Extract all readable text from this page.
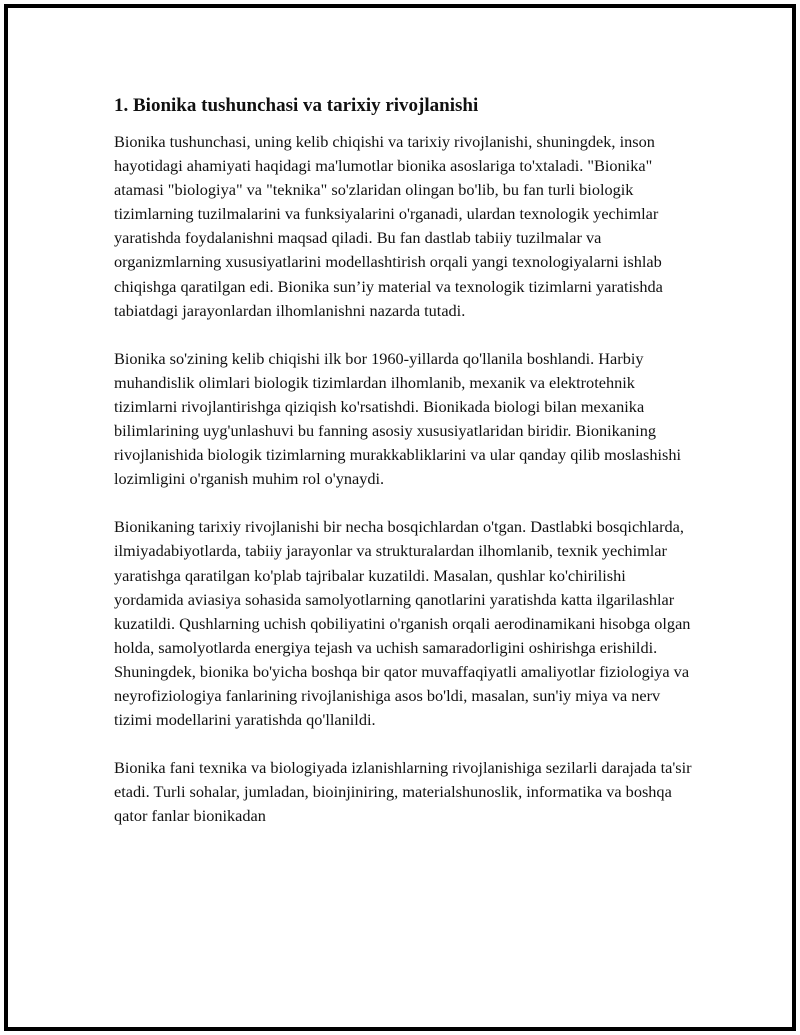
1. Bionika tushunchasi va tarixiy rivojlanishi

Bionika tushunchasi, uning kelib chiqishi va tarixiy rivojlanishi, shuningdek, inson hayotidagi ahamiyati haqidagi ma'lumotlar bionika asoslariga to'xtaladi. "Bionika" atamasi "biologiya" va "teknika" so'zlaridan olingan bo'lib, bu fan turli biologik tizimlarning tuzilmalarini va funksiyalarini o'rganadi, ulardan texnologik yechimlar yaratishda foydalanishni maqsad qiladi. Bu fan dastlab tabiiy tuzilmalar va organizmlarning xususiyatlarini modellashtirish orqali yangi texnologiyalarni ishlab chiqishga qaratilgan edi. Bionika sun’iy material va texnologik tizimlarni yaratishda tabiatdagi jarayonlardan ilhomlanishni nazarda tutadi.

Bionika so'zining kelib chiqishi ilk bor 1960-yillarda qo'llanila boshlandi. Harbiy muhandislik olimlari biologik tizimlardan ilhomlanib, mexanik va elektrotehnik tizimlarni rivojlantirishga qiziqish ko'rsatishdi. Bionikada biologi bilan mexanika bilimlarining uyg'unlashuvi bu fanning asosiy xususiyatlaridan biridir. Bionikaning rivojlanishida biologik tizimlarning murakkabliklarini va ular qanday qilib moslashishi lozimligini o'rganish muhim rol o'ynaydi.

Bionikaning tarixiy rivojlanishi bir necha bosqichlardan o'tgan. Dastlabki bosqichlarda, ilmiyadabiyotlarda, tabiiy jarayonlar va strukturalardan ilhomlanib, texnik yechimlar yaratishga qaratilgan ko'plab tajribalar kuzatildi. Masalan, qushlar ko'chirilishi yordamida aviasiya sohasida samolyotlarning qanotlarini yaratishda katta ilgarilashlar kuzatildi. Qushlarning uchish qobiliyatini o'rganish orqali aerodinamikani hisobga olgan holda, samolyotlarda energiya tejash va uchish samaradorligini oshirishga erishildi. Shuningdek, bionika bo'yicha boshqa bir qator muvaffaqiyatli amaliyotlar fiziologiya va neyrofiziologiya fanlarining rivojlanishiga asos bo'ldi, masalan, sun'iy miya va nerv tizimi modellarini yaratishda qo'llanildi.

Bionika fani texnika va biologiyada izlanishlarning rivojlanishiga sezilarli darajada ta'sir etadi. Turli sohalar, jumladan, bioinjiniring, materialshunoslik, informatika va boshqa qator fanlar bionikadan
